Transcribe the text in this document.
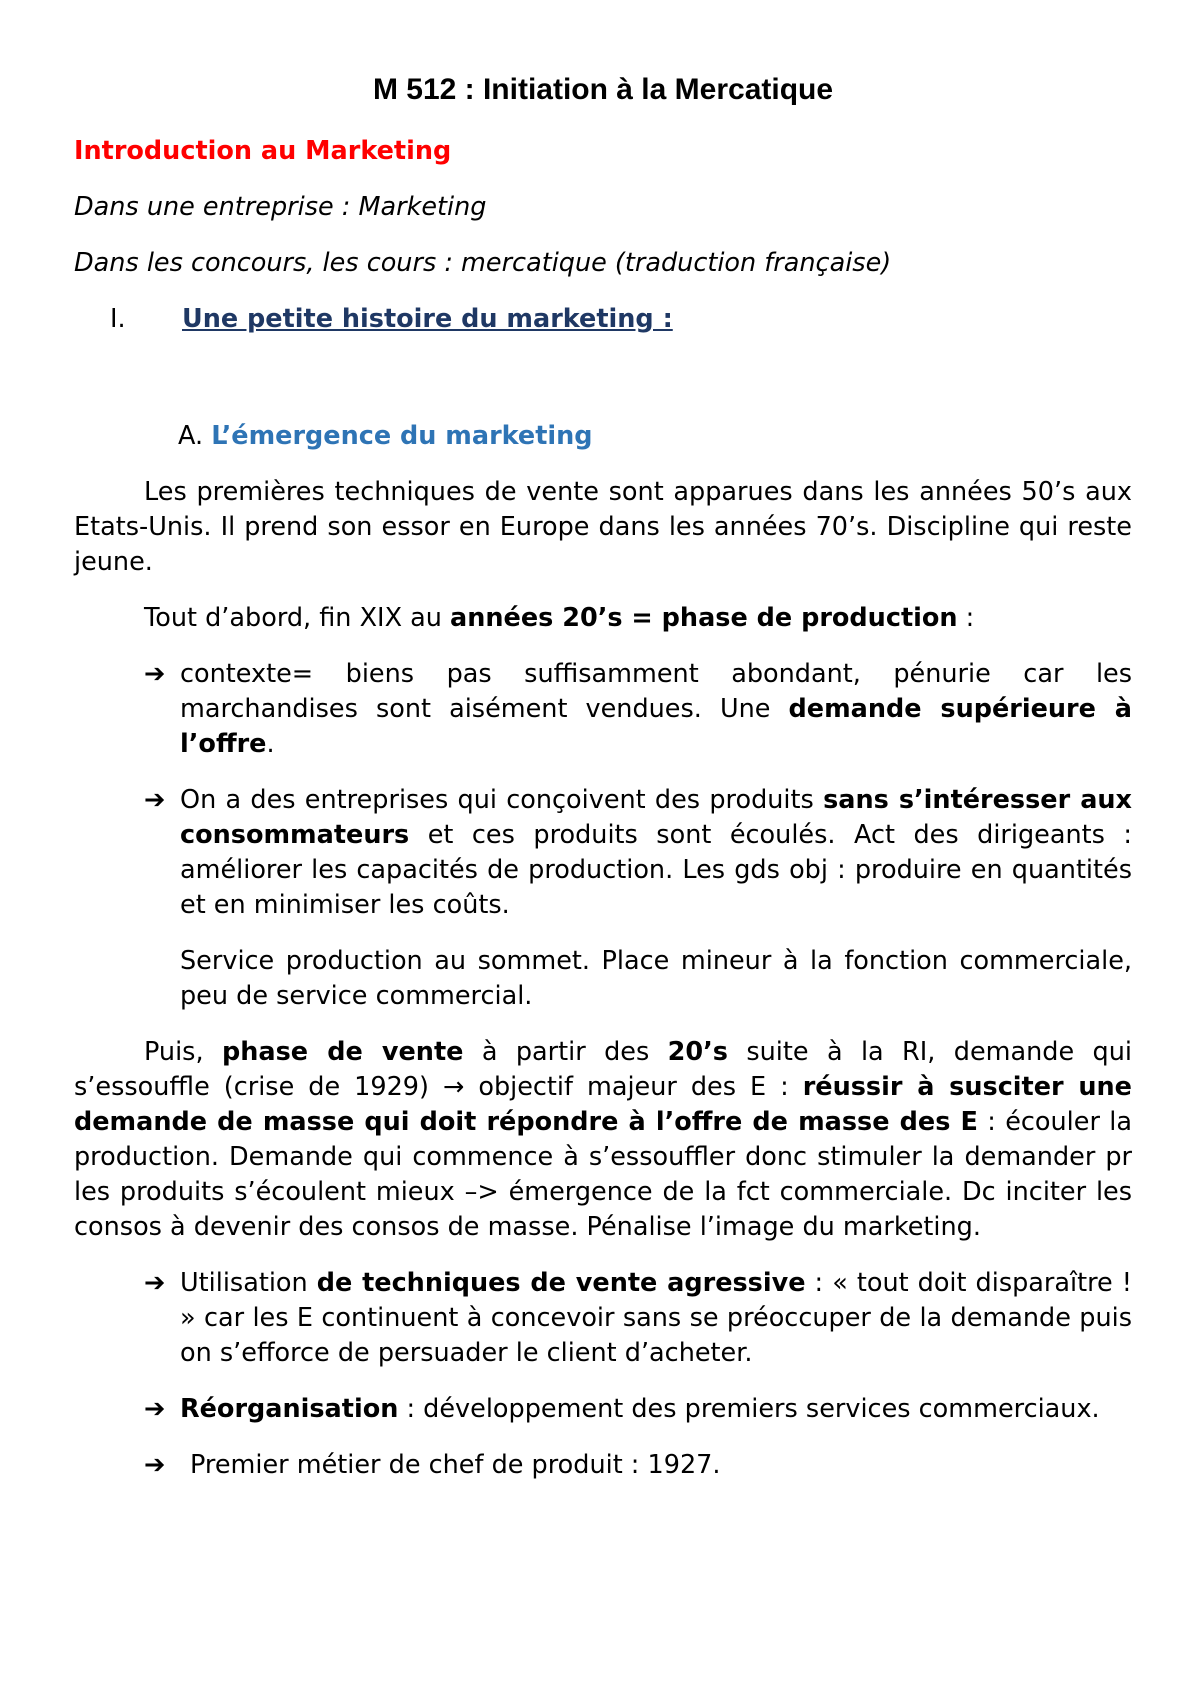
M 512 : Initiation à la Mercatique

Introduction au Marketing

Dans une entreprise : Marketing

Dans les concours, les cours : mercatique (traduction française)

I.	Une petite histoire du marketing :

A. L’émergence du marketing

Les premières techniques de vente sont apparues dans les années 50’s aux Etats-Unis. Il prend son essor en Europe dans les années 70’s. Discipline qui reste jeune.

Tout d’abord, fin XIX au années 20’s = phase de production :

➔ contexte= biens pas suffisamment abondant, pénurie car les marchandises sont aisément vendues. Une demande supérieure à l’offre.

➔ On a des entreprises qui conçoivent des produits sans s’intéresser aux consommateurs et ces produits sont écoulés. Act des dirigeants : améliorer les capacités de production. Les gds obj : produire en quantités et en minimiser les coûts.

Service production au sommet. Place mineur à la fonction commerciale, peu de service commercial.

Puis, phase de vente à partir des 20’s suite à la RI, demande qui s’essouffle (crise de 1929) → objectif majeur des E : réussir à susciter une demande de masse qui doit répondre à l’offre de masse des E : écouler la production. Demande qui commence à s’essouffler donc stimuler la demander pr les produits s’écoulent mieux –> émergence de la fct commerciale. Dc inciter les consos à devenir des consos de masse. Pénalise l’image du marketing.

➔ Utilisation de techniques de vente agressive : « tout doit disparaître ! » car les E continuent à concevoir sans se préoccuper de la demande puis on s’efforce de persuader le client d’acheter.

➔ Réorganisation : développement des premiers services commerciaux.

➔ Premier métier de chef de produit : 1927.
